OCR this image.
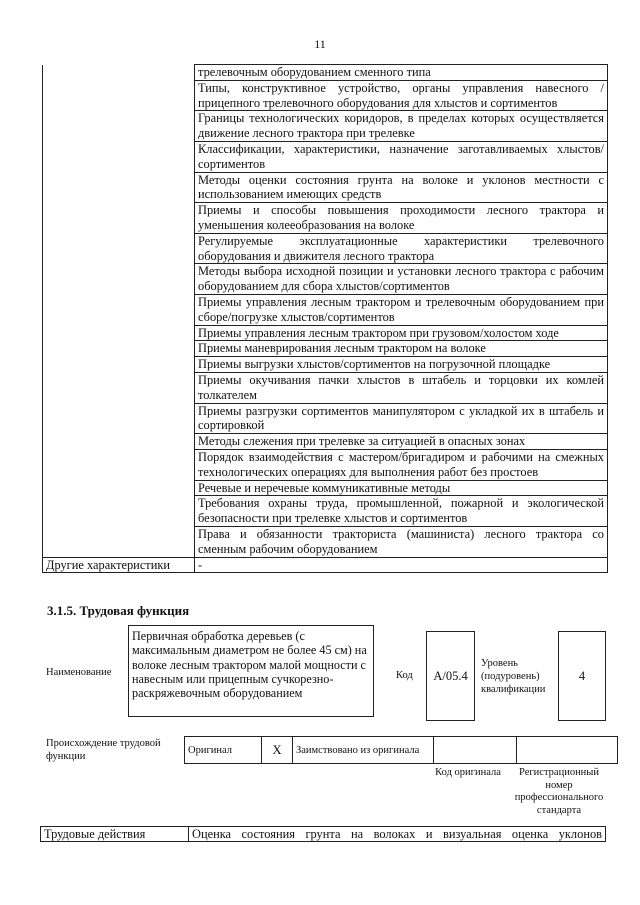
11
	трелевочным оборудованием сменного типа
	Типы, конструктивное устройство, органы управления навесного /прицепного трелевочного оборудования для хлыстов и сортиментов
	Границы технологических коридоров, в пределах которых осуществляется движение лесного трактора при трелевке
	Классификации, характеристики, назначение заготавливаемых хлыстов/сортиментов
	Методы оценки состояния грунта на волоке и уклонов местности с использованием имеющих средств
	Приемы и способы повышения проходимости лесного трактора и уменьшения колееобразования на волоке
	Регулируемые эксплуатационные характеристики трелевочного оборудования и движителя лесного трактора
	Методы выбора исходной позиции и установки лесного трактора с рабочим оборудованием для сбора хлыстов/сортиментов
	Приемы управления лесным трактором и трелевочным оборудованием при сборе/погрузке хлыстов/сортиментов
	Приемы управления лесным трактором при грузовом/холостом ходе
	Приемы маневрирования лесным трактором на волоке
	Приемы выгрузки хлыстов/сортиментов на погрузочной площадке
	Приемы окучивания пачки хлыстов в штабель и торцовки их комлей толкателем
	Приемы разгрузки сортиментов манипулятором с укладкой их в штабель и сортировкой
	Методы слежения при трелевке за ситуацией в опасных зонах
	Порядок взаимодействия с мастером/бригадиром и рабочими на смежных технологических операциях для выполнения работ без простоев
	Речевые и неречевые коммуникативные методы
	Требования охраны труда, промышленной, пожарной и экологической безопасности при трелевке хлыстов и сортиментов
	Права и обязанности тракториста (машиниста) лесного трактора со сменным рабочим оборудованием
Другие характеристики	-
3.1.5. Трудовая функция
Наименование
Первичная обработка деревьев (с максимальным диаметром не более 45 см) на волоке лесным трактором малой мощности с навесным или прицепным сучкорезно-раскряжевочным оборудованием
Код А/05.4
Уровень (подуровень) квалификации
4
Происхождение трудовой функции
Оригинал	Х	Заимствовано из оригинала		
Код оригинала	Регистрационный номер профессионального стандарта
Трудовые действия	Оценка состояния грунта на волоках и визуальная оценка уклонов
